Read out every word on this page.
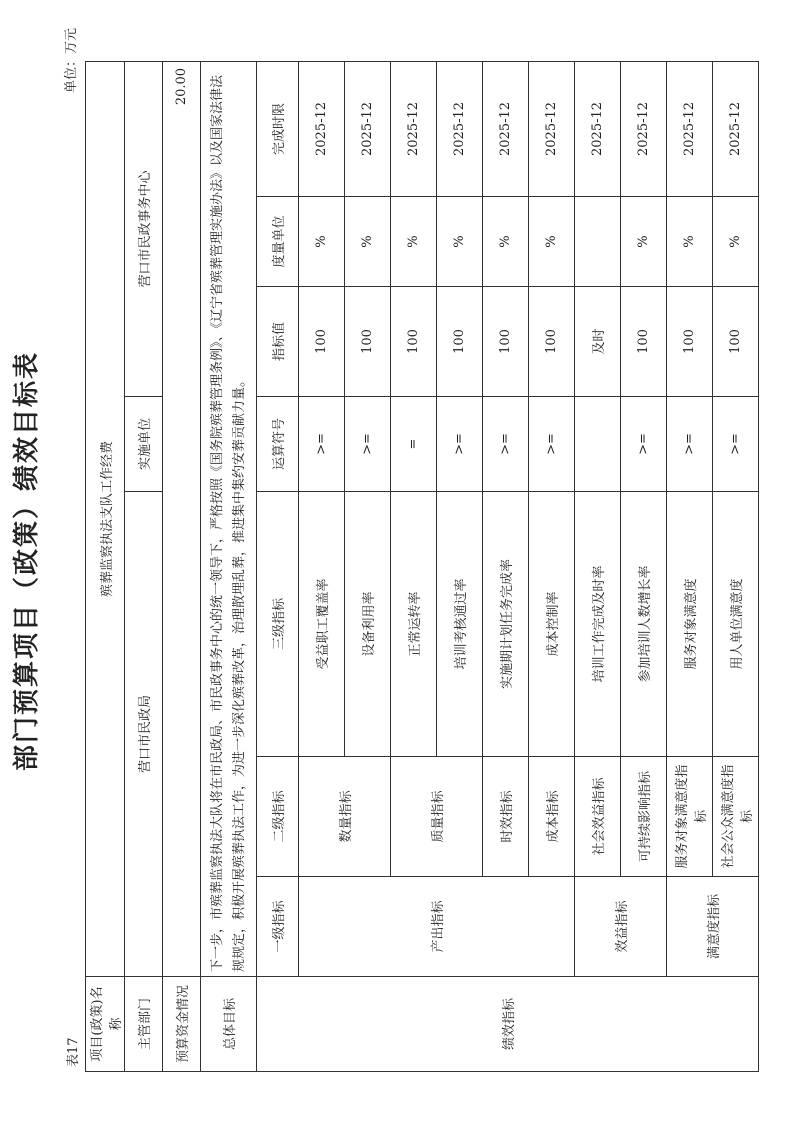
部门预算项目（政策）绩效目标表
表17
单位：万元
项目(政策)名称	殡葬监察执法支队工作经费						
主管部门	营口市民政局			实施单位	营口市民政事务中心		
预算资金情况	20.00						
总体目标	下一步，市殡葬监察执法大队将在市民政局、市民政事务中心的统一领导下，严格按照《国务院殡葬管理条例》、《辽宁省殡葬管理实施办法》以及国家法律法规规定，积极开展殡葬执法工作，为进一步深化殡葬改革，治理散埋乱葬，推进集中集约安葬贡献力量。						
绩效指标	一级指标	二级指标	三级指标	运算符号	指标值	度量单位	完成时限
	产出指标	数量指标	受益职工覆盖率	>=	100	%	2025-12
			设备利用率	>=	100	%	2025-12
		质量指标	正常运转率	=	100	%	2025-12
			培训考核通过率	>=	100	%	2025-12
		时效指标	实施期计划任务完成率	>=	100	%	2025-12
		成本指标	成本控制率	>=	100	%	2025-12
	效益指标	社会效益指标	培训工作完成及时率		及时		2025-12
		可持续影响指标	参加培训人数增长率	>=	100	%	2025-12
	满意度指标	服务对象满意度指标	服务对象满意度	>=	100	%	2025-12
		社会公众满意度指标	用人单位满意度	>=	100	%	2025-12
